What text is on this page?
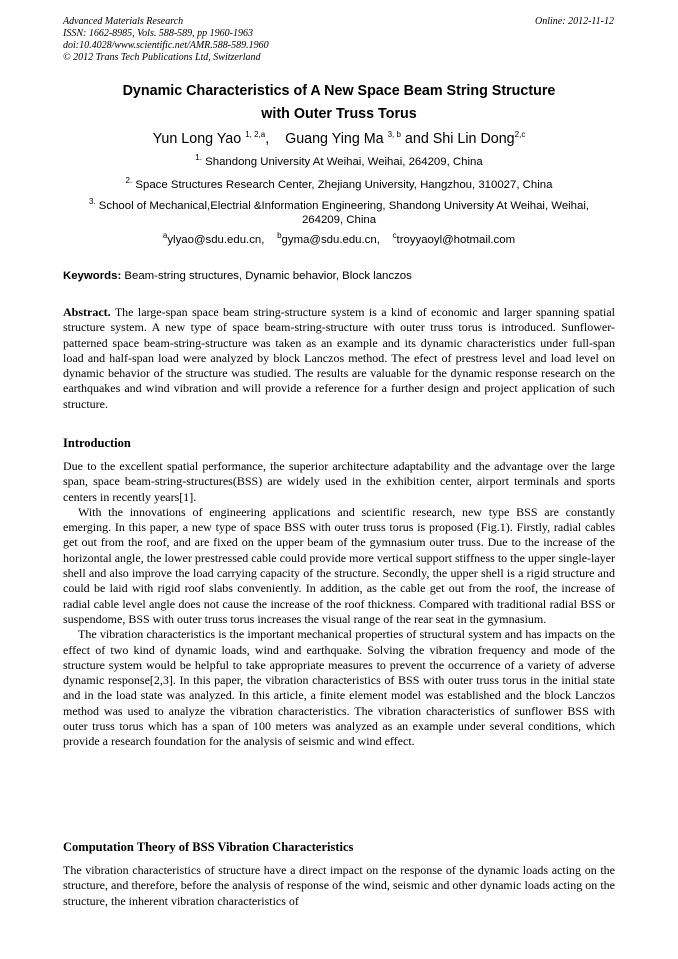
Advanced Materials Research
ISSN: 1662-8985, Vols. 588-589, pp 1960-1963
doi:10.4028/www.scientific.net/AMR.588-589.1960
© 2012 Trans Tech Publications Ltd, Switzerland
Online: 2012-11-12
Dynamic Characteristics of A New Space Beam String Structure
with Outer Truss Torus
Yun Long Yao $^{1, 2,a}$,    Guang Ying Ma $^{3, b}$ and Shi Lin Dong$^{2,c}$
$^{1.}$ Shandong University At Weihai, Weihai, 264209, China
$^{2.}$ Space Structures Research Center, Zhejiang University, Hangzhou, 310027, China
$^{3.}$ School of Mechanical,Electrial &Information Engineering, Shandong University At Weihai, Weihai,
264209, China
$^a$ylyao@sdu.edu.cn, $^b$gyma@sdu.edu.cn, $^c$troyyaoyl@hotmail.com
Keywords: Beam-string structures, Dynamic behavior, Block lanczos

Abstract. The large-span space beam string-structure system is a kind of economic and larger spanning spatial structure system. A new type of space beam-string-structure with outer truss torus is introduced. Sunflower-patterned space beam-string-structure was taken as an example and its dynamic characteristics under full-span load and half-span load were analyzed by block Lanczos method. The efect of prestress level and load level on dynamic behavior of the structure was studied. The results are valuable for the dynamic response research on the earthquakes and wind vibration and will provide a reference for a further design and project application of such structure.

Introduction

Due to the excellent spatial performance, the superior architecture adaptability and the advantage over the large span, space beam-string-structures(BSS) are widely used in the exhibition center, airport terminals and sports centers in recently years[1].

With the innovations of engineering applications and scientific research, new type BSS are constantly emerging. In this paper, a new type of space BSS with outer truss torus is proposed (Fig.1). Firstly, radial cables get out from the roof, and are fixed on the upper beam of the gymnasium outer truss. Due to the increase of the horizontal angle, the lower prestressed cable could provide more vertical support stiffness to the upper single-layer shell and also improve the load carrying capacity of the structure. Secondly, the upper shell is a rigid structure and could be laid with rigid roof slabs conveniently. In addition, as the cable get out from the roof, the increase of radial cable level angle does not cause the increase of the roof thickness. Compared with traditional radial BSS or suspendome, BSS with outer truss torus increases the visual range of the rear seat in the gymnasium.

The vibration characteristics is the important mechanical properties of structural system and has impacts on the effect of two kind of dynamic loads, wind and earthquake. Solving the vibration frequency and mode of the structure system would be helpful to take appropriate measures to prevent the occurrence of a variety of adverse dynamic response[2,3]. In this paper, the vibration characteristics of BSS with outer truss torus in the initial state and in the load state was analyzed. In this article, a finite element model was established and the block Lanczos method was used to analyze the vibration characteristics. The vibration characteristics of sunflower BSS with outer truss torus which has a span of 100 meters was analyzed as an example under several conditions, which provide a research foundation for the analysis of seismic and wind effect.

Computation Theory of BSS Vibration Characteristics

The vibration characteristics of structure have a direct impact on the response of the dynamic loads acting on the structure, and therefore, before the analysis of response of the wind, seismic and other dynamic loads acting on the structure, the inherent vibration characteristics of
